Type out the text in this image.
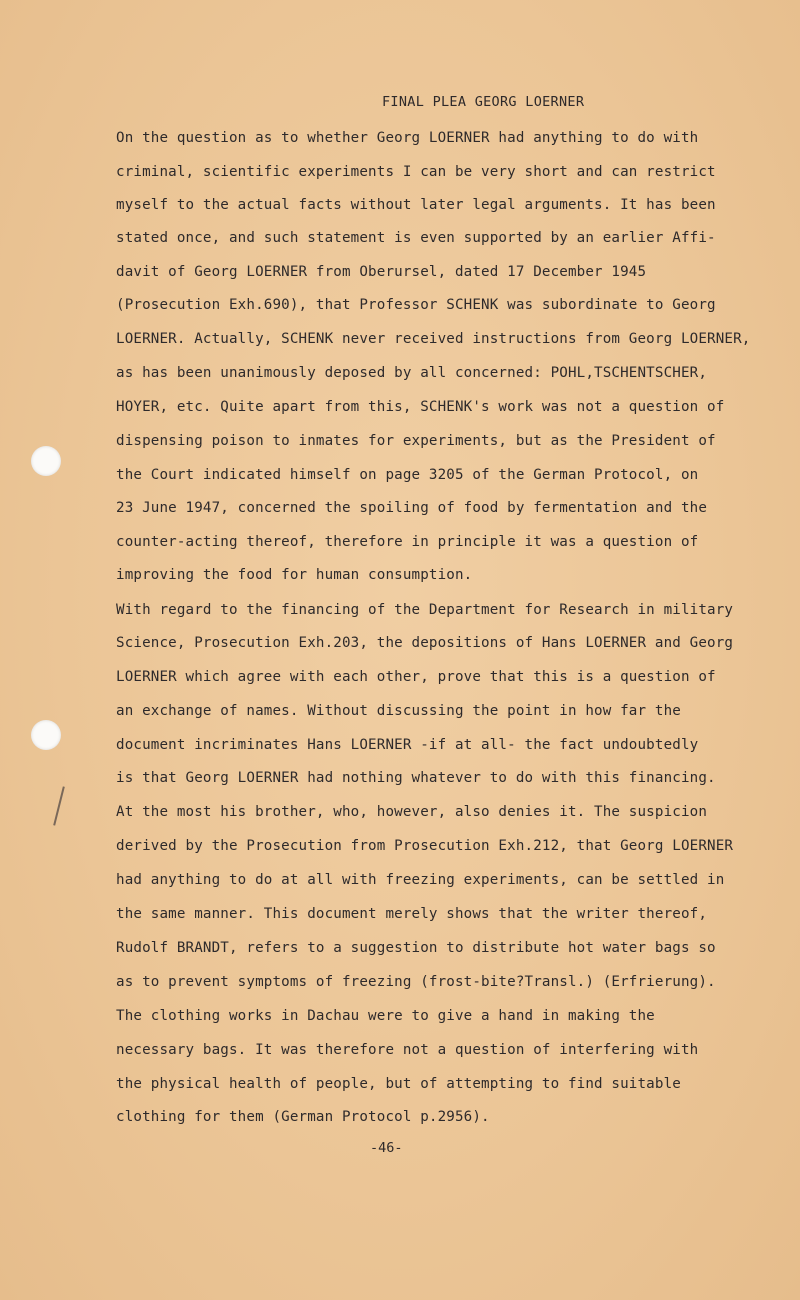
FINAL PLEA GEORG LOERNER
On the question as to whether Georg LOERNER had anything to do with
criminal, scientific experiments I can be very short and can restrict
myself to the actual facts without later legal arguments. It has been
stated once, and such statement is even supported by an earlier Affi-
davit of Georg LOERNER from Oberursel, dated 17 December 1945
(Prosecution Exh.690), that Professor SCHENK was subordinate to Georg
LOERNER. Actually, SCHENK never received instructions from Georg LOERNER,
as has been unanimously deposed by all concerned: POHL,TSCHENTSCHER,
HOYER, etc. Quite apart from this, SCHENK's work was not a question of
dispensing poison to inmates for experiments, but as the President of
the Court indicated himself on page 3205 of the German Protocol, on
23 June 1947, concerned the spoiling of food by fermentation and the
counter-acting thereof, therefore in principle it was a question of
improving the food for human consumption.
With regard to the financing of the Department for Research in military
Science, Prosecution Exh.203, the depositions of Hans LOERNER and Georg
LOERNER which agree with each other, prove that this is a question of
an exchange of names. Without discussing the point in how far the
document incriminates Hans LOERNER -if at all- the fact undoubtedly
is that Georg LOERNER had nothing whatever to do with this financing.
At the most his brother, who, however, also denies it. The suspicion
derived by the Prosecution from Prosecution Exh.212, that Georg LOERNER
had anything to do at all with freezing experiments, can be settled in
the same manner. This document merely shows that the writer thereof,
Rudolf BRANDT, refers to a suggestion to distribute hot water bags so
as to prevent symptoms of freezing (frost-bite?Transl.) (Erfrierung).
The clothing works in Dachau were to give a hand in making the
necessary bags. It was therefore not a question of interfering with
the physical health of people, but of attempting to find suitable
clothing for them (German Protocol p.2956).
-46-
